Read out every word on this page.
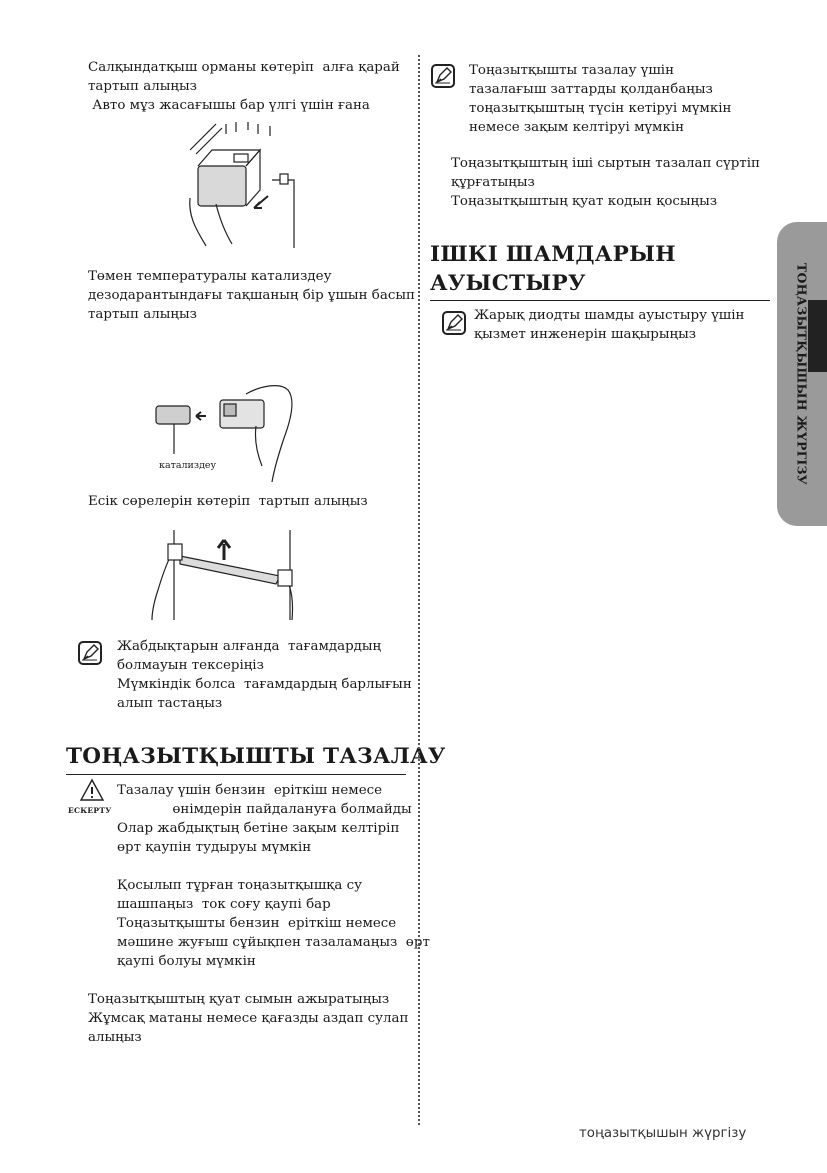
Салқындатқыш орманы көтеріп  алға қарай
тартып алыңыз
Авто мұз жасағышы бар үлгі үшін ғана
Төмен температуралы катализдеу
дезодарантындағы тақшаның бір ұшын басып
тартып алыңыз
катализдеу
Есік сөрелерін көтеріп  тартып алыңыз
Жабдықтарын алғанда  тағамдардың
болмауын тексеріңіз
Мүмкіндік болса  тағамдардың барлығын
алып тастаңыз
ТОҢАЗЫТҚЫШТЫ ТАЗАЛАУ
ЕСКЕРТУ
Тазалау үшін бензин  еріткіш немесе
өнімдерін пайдалануға болмайды
Олар жабдықтың бетіне зақым келтіріп
өрт қаупін тудыруы мүмкін
Қосылып тұрған тоңазытқышқа су
шашпаңыз  ток соғу қаупі бар
Тоңазытқышты бензин  еріткіш немесе
мәшине жуғыш сұйықпен тазаламаңыз  өрт
қаупі болуы мүмкін
Тоңазытқыштың қуат сымын ажыратыңыз
Жұмсақ матаны немесе қағазды аздап сулап
алыңыз
Тоңазытқышты тазалау үшін
тазалағыш заттарды қолданбаңыз
тоңазытқыштың түсін кетіруі мүмкін
немесе зақым келтіруі мүмкін
Тоңазытқыштың іші сыртын тазалап сүртіп
құрғатыңыз
Тоңазытқыштың қуат кодын қосыңыз
ІШКІ ШАМДАРЫН
АУЫСТЫРУ
Жарық диодты шамды ауыстыру үшін
қызмет инженерін шақырыңыз	ТОҢАЗЫТҚЫШЫН ЖҮРГІЗУ
тоңазытқышын жүргізу
